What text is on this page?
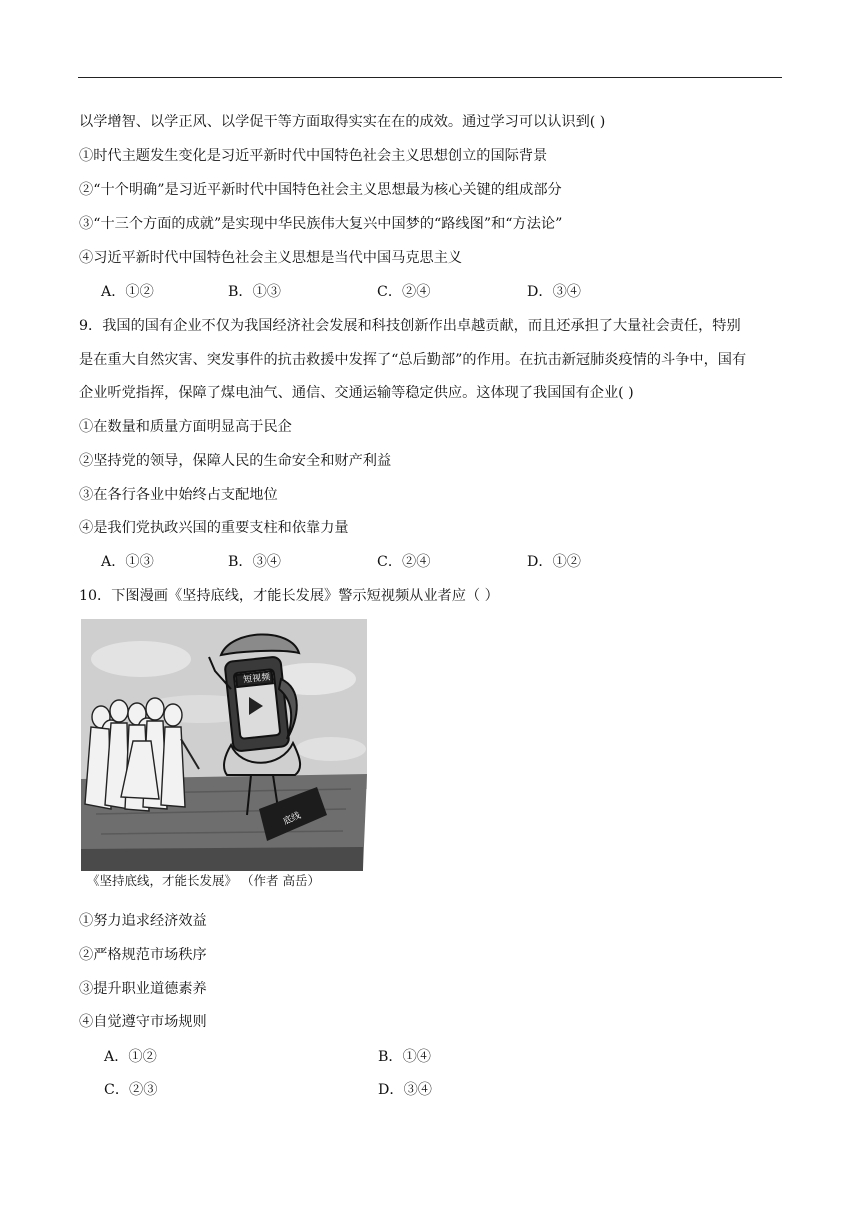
以学增智、以学正风、以学促干等方面取得实实在在的成效。通过学习可以认识到( )
①时代主题发生变化是习近平新时代中国特色社会主义思想创立的国际背景
②“十个明确”是习近平新时代中国特色社会主义思想最为核心关键的组成部分
③“十三个方面的成就”是实现中华民族伟大复兴中国梦的“路线图”和“方法论”
④习近平新时代中国特色社会主义思想是当代中国马克思主义
A．①②	B．①③	C．②④	D．③④
9．我国的国有企业不仅为我国经济社会发展和科技创新作出卓越贡献，而且还承担了大量社会责任，特别
是在重大自然灾害、突发事件的抗击救援中发挥了“总后勤部”的作用。在抗击新冠肺炎疫情的斗争中，国有
企业听党指挥，保障了煤电油气、通信、交通运输等稳定供应。这体现了我国国有企业( )
①在数量和质量方面明显高于民企
②坚持党的领导，保障人民的生命安全和财产利益
③在各行各业中始终占支配地位
④是我们党执政兴国的重要支柱和依靠力量
A．①③	B．③④	C．②④	D．①②
10．下图漫画《坚持底线，才能长发展》警示短视频从业者应（ ）
短视频
底线
《坚持底线，才能长发展》 （作者 高岳）
①努力追求经济效益
②严格规范市场秩序
③提升职业道德素养
④自觉遵守市场规则
A．①②	B．①④
C．②③	D．③④
